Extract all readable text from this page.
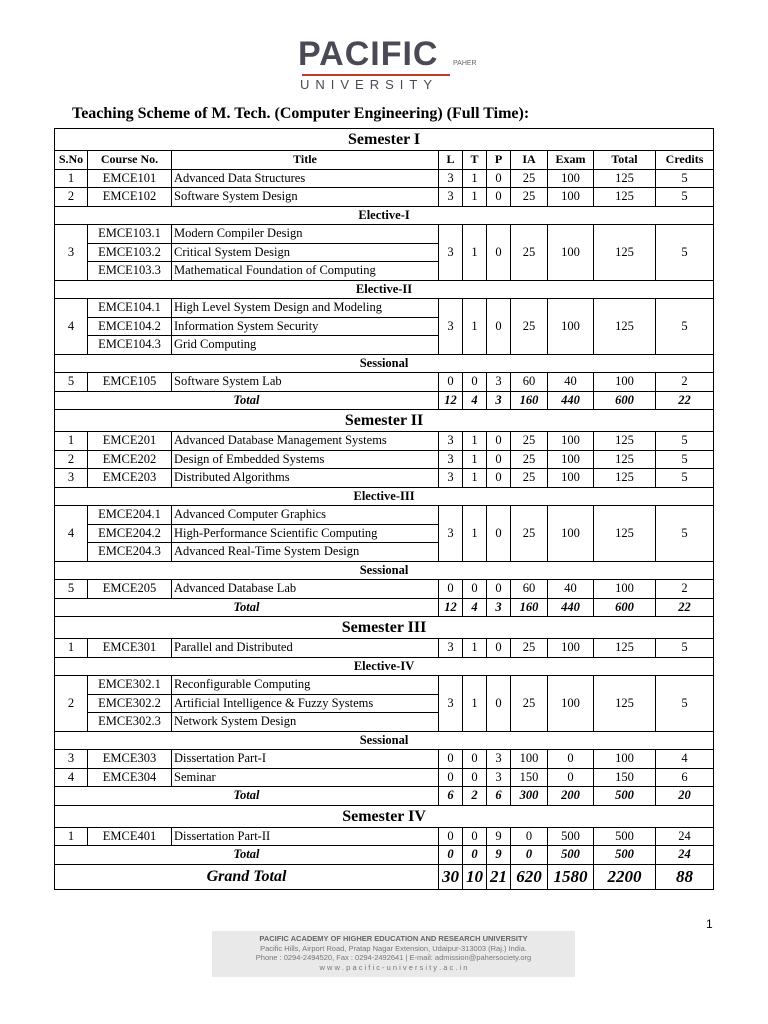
PACIFIC PAHER
UNIVERSITY
Teaching Scheme of M. Tech. (Computer Engineering) (Full Time):
Semester I									
S.No	Course No.	Title	L	T	P	IA	Exam	Total	Credits
1	EMCE101	Advanced Data Structures	3	1	0	25	100	125	5
2	EMCE102	Software System Design	3	1	0	25	100	125	5
Elective-I									
3	EMCE103.1	Modern Compiler Design	3	1	0	25	100	125	5
	EMCE103.2	Critical System Design							
	EMCE103.3	Mathematical Foundation of Computing							
Elective-II									
4	EMCE104.1	High Level System Design and Modeling	3	1	0	25	100	125	5
	EMCE104.2	Information System Security							
	EMCE104.3	Grid Computing							
Sessional									
5	EMCE105	Software System Lab	0	0	3	60	40	100	2
Total			12	4	3	160	440	600	22
Semester II									
1	EMCE201	Advanced Database Management Systems	3	1	0	25	100	125	5
2	EMCE202	Design of Embedded Systems	3	1	0	25	100	125	5
3	EMCE203	Distributed Algorithms	3	1	0	25	100	125	5
Elective-III									
4	EMCE204.1	Advanced Computer Graphics	3	1	0	25	100	125	5
	EMCE204.2	High-Performance Scientific Computing							
	EMCE204.3	Advanced Real-Time System Design							
Sessional									
5	EMCE205	Advanced Database Lab	0	0	0	60	40	100	2
Total			12	4	3	160	440	600	22
Semester III									
1	EMCE301	Parallel and Distributed	3	1	0	25	100	125	5
Elective-IV									
2	EMCE302.1	Reconfigurable Computing	3	1	0	25	100	125	5
	EMCE302.2	Artificial Intelligence & Fuzzy Systems							
	EMCE302.3	Network System Design							
Sessional									
3	EMCE303	Dissertation Part-I	0	0	3	100	0	100	4
4	EMCE304	Seminar	0	0	3	150	0	150	6
Total			6	2	6	300	200	500	20
Semester IV									
1	EMCE401	Dissertation Part-II	0	0	9	0	500	500	24
Total			0	0	9	0	500	500	24
Grand Total			30	10	21	620	1580	2200	88
1
PACIFIC ACADEMY OF HIGHER EDUCATION AND RESEARCH UNIVERSITY
Pacific Hills, Airport Road, Pratap Nagar Extension, Udaipur-313003 (Raj.) India.
Phone : 0294-2494520, Fax : 0294-2492641 | E-mail: admission@pahersociety.org
w w w . p a c i f i c - u n i v e r s i t y . a c . i n
